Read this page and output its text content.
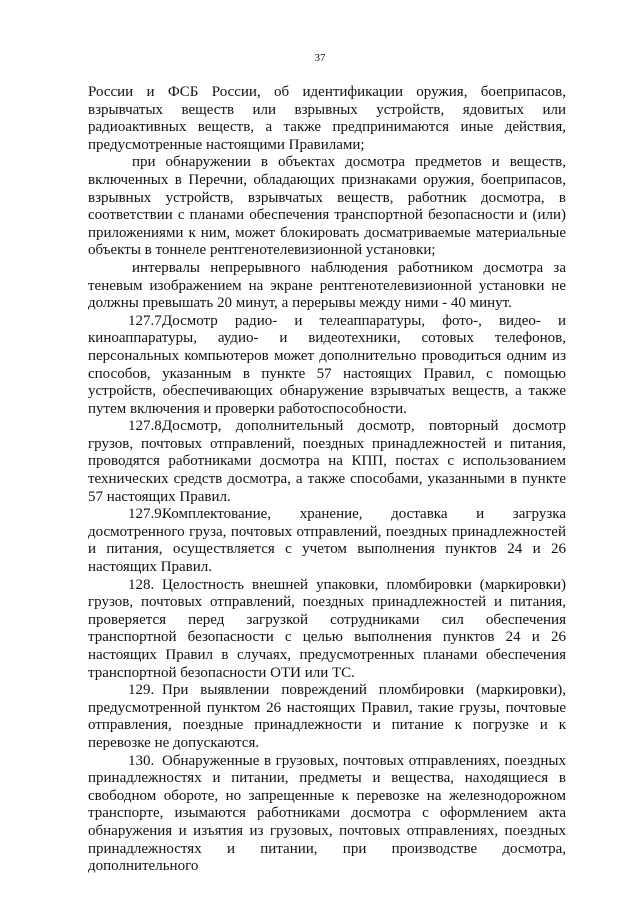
37

России и ФСБ России, об идентификации оружия, боеприпасов, взрывчатых веществ или взрывных устройств, ядовитых или радиоактивных веществ, а также предпринимаются иные действия, предусмотренные настоящими Правилами;

при обнаружении в объектах досмотра предметов и веществ, включенных в Перечни, обладающих признаками оружия, боеприпасов, взрывных устройств, взрывчатых веществ, работник досмотра, в соответствии с планами обеспечения транспортной безопасности и (или) приложениями к ним, может блокировать досматриваемые материальные объекты в тоннеле рентгенотелевизионной установки;

интервалы непрерывного наблюдения работником досмотра за теневым изображением на экране рентгенотелевизионной установки не должны превышать 20 минут, а перерывы между ними - 40 минут.

127.7.Досмотр радио- и телеаппаратуры, фото-, видео- и киноаппаратуры, аудио- и видеотехники, сотовых телефонов, персональных компьютеров может дополнительно проводиться одним из способов, указанным в пункте 57 настоящих Правил, с помощью устройств, обеспечивающих обнаружение взрывчатых веществ, а также путем включения и проверки работоспособности.

127.8.Досмотр, дополнительный досмотр, повторный досмотр грузов, почтовых отправлений, поездных принадлежностей и питания, проводятся работниками досмотра на КПП, постах с использованием технических средств досмотра, а также способами, указанными в пункте 57 настоящих Правил.

127.9.Комплектование, хранение, доставка и загрузка досмотренного груза, почтовых отправлений, поездных принадлежностей и питания, осуществляется с учетом выполнения пунктов 24 и 26 настоящих Правил.

128. Целостность внешней упаковки, пломбировки (маркировки) грузов, почтовых отправлений, поездных принадлежностей и питания, проверяется перед загрузкой сотрудниками сил обеспечения транспортной безопасности с целью выполнения пунктов 24 и 26 настоящих Правил в случаях, предусмотренных планами обеспечения транспортной безопасности ОТИ или ТС.

129. При выявлении повреждений пломбировки (маркировки), предусмотренной пунктом 26 настоящих Правил, такие грузы, почтовые отправления, поездные принадлежности и питание к погрузке и к перевозке не допускаются.

130. Обнаруженные в грузовых, почтовых отправлениях, поездных принадлежностях и питании, предметы и вещества, находящиеся в свободном обороте, но запрещенные к перевозке на железнодорожном транспорте, изымаются работниками досмотра с оформлением акта обнаружения и изъятия из грузовых, почтовых отправлениях, поездных принадлежностях и питании, при производстве досмотра, дополнительного
